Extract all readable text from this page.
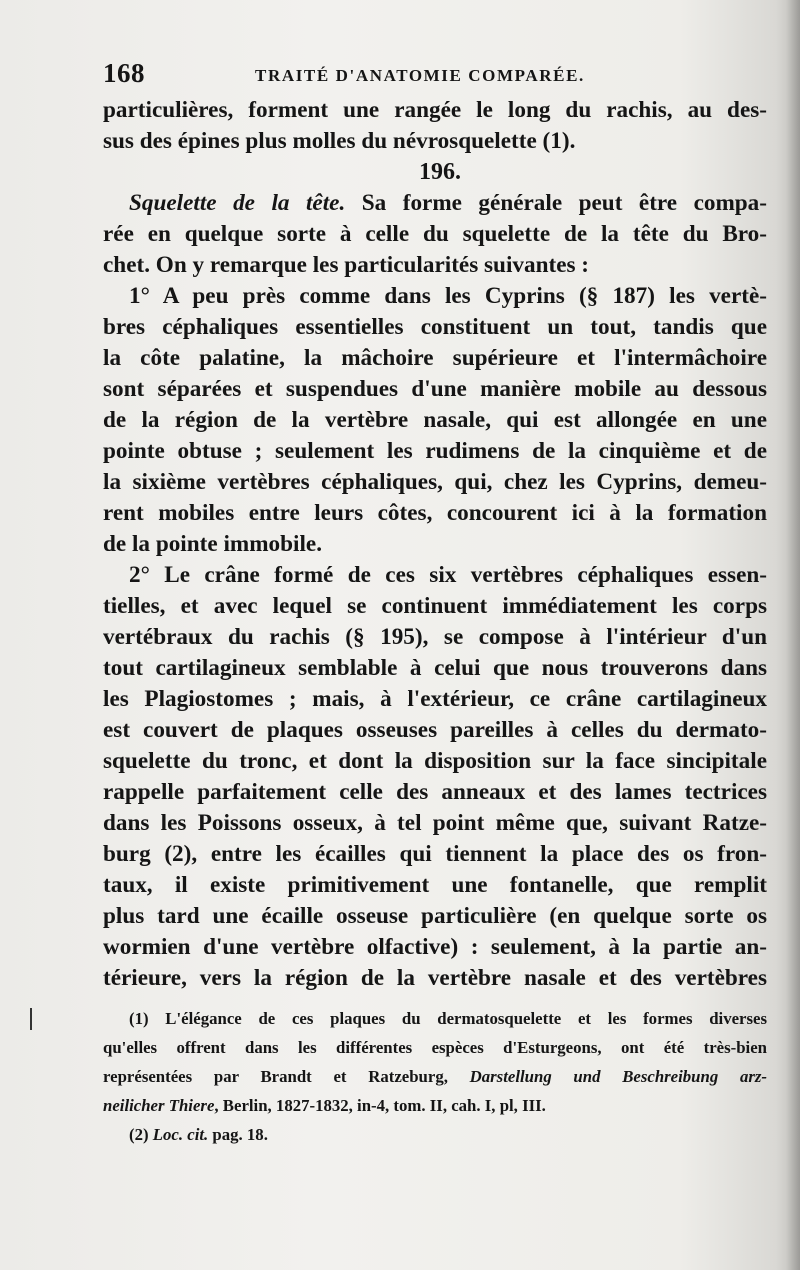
168	TRAITÉ D'ANATOMIE COMPARÉE.
particulières, forment une rangée le long du rachis, au des-
sus des épines plus molles du névrosquelette (1).
196.
Squelette de la tête. Sa forme générale peut être compa-
rée en quelque sorte à celle du squelette de la tête du Bro-
chet. On y remarque les particularités suivantes :
1° A peu près comme dans les Cyprins (§ 187) les vertè-
bres céphaliques essentielles constituent un tout, tandis que
la côte palatine, la mâchoire supérieure et l'intermâchoire
sont séparées et suspendues d'une manière mobile au dessous
de la région de la vertèbre nasale, qui est allongée en une
pointe obtuse ; seulement les rudimens de la cinquième et de
la sixième vertèbres céphaliques, qui, chez les Cyprins, demeu-
rent mobiles entre leurs côtes, concourent ici à la formation
de la pointe immobile.
2° Le crâne formé de ces six vertèbres céphaliques essen-
tielles, et avec lequel se continuent immédiatement les corps
vertébraux du rachis (§ 195), se compose à l'intérieur d'un
tout cartilagineux semblable à celui que nous trouverons dans
les Plagiostomes ; mais, à l'extérieur, ce crâne cartilagineux
est couvert de plaques osseuses pareilles à celles du dermato-
squelette du tronc, et dont la disposition sur la face sincipitale
rappelle parfaitement celle des anneaux et des lames tectrices
dans les Poissons osseux, à tel point même que, suivant Ratze-
burg (2), entre les écailles qui tiennent la place des os fron-
taux, il existe primitivement une fontanelle, que remplit
plus tard une écaille osseuse particulière (en quelque sorte os
wormien d'une vertèbre olfactive) : seulement, à la partie an-
térieure, vers la région de la vertèbre nasale et des vertèbres
(1) L'élégance de ces plaques du dermatosquelette et les formes diverses
qu'elles offrent dans les différentes espèces d'Esturgeons, ont été très-bien
représentées par Brandt et Ratzeburg, Darstellung und Beschreibung arz-
neilicher Thiere, Berlin, 1827-1832, in-4, tom. II, cah. I, pl, III.
(2) Loc. cit. pag. 18.
